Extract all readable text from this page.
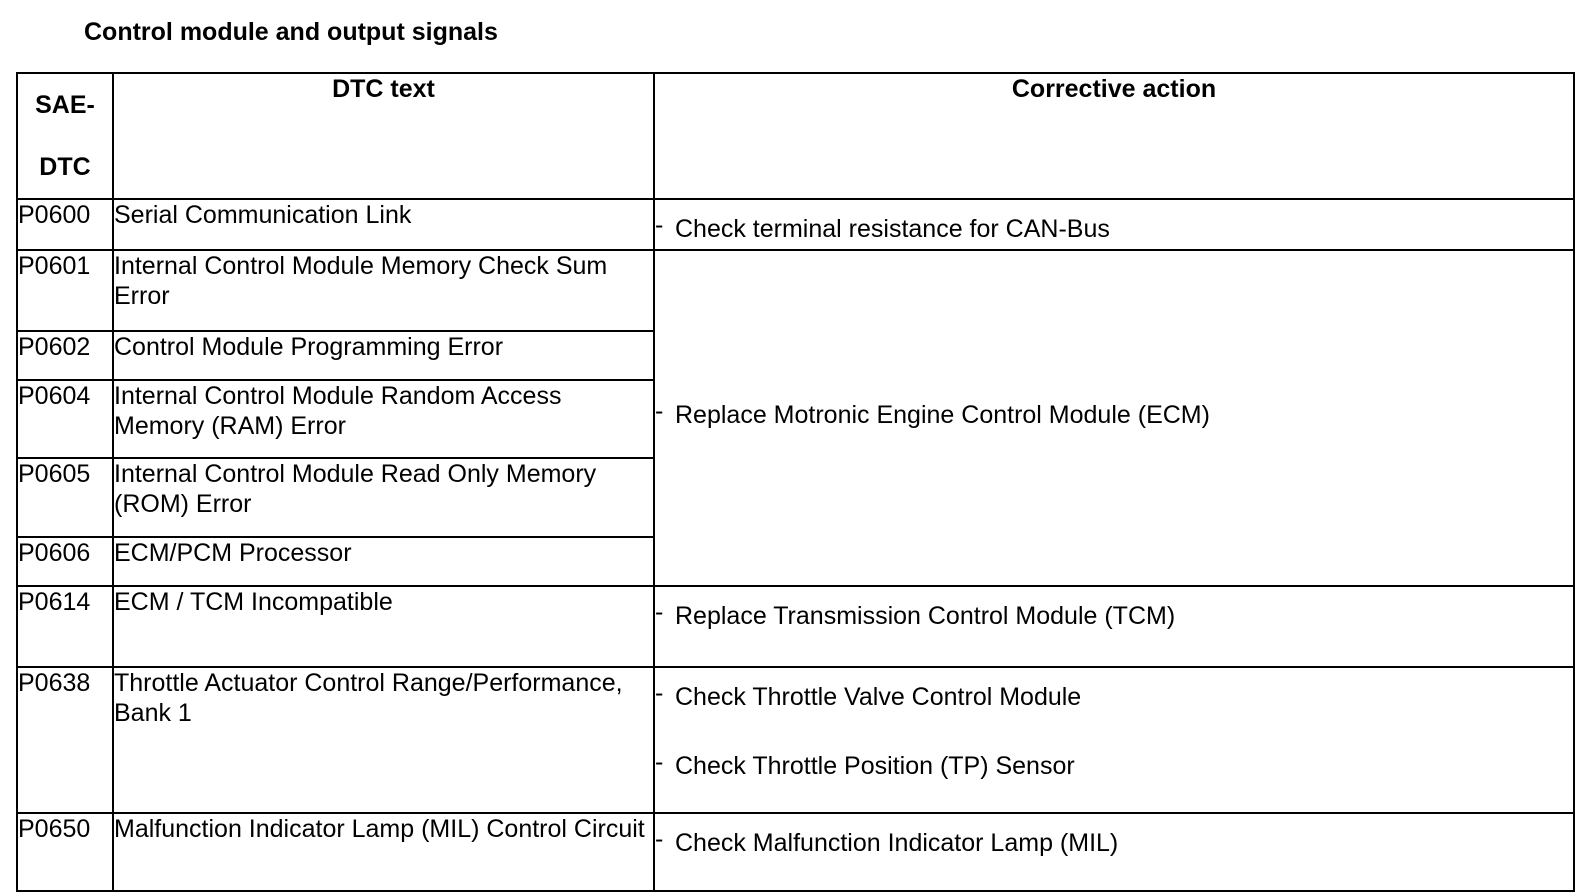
Control module and output signals
SAE-
DTC	DTC text	Corrective action
P0600	Serial Communication Link	- Check terminal resistance for CAN-Bus

P0601	Internal Control Module Memory Check Sum Error	- Replace Motronic Engine Control Module (ECM)

P0602	Control Module Programming Error	
P0604	Internal Control Module Random Access Memory (RAM) Error	
P0605	Internal Control Module Read Only Memory (ROM) Error	
P0606	ECM/PCM Processor	
P0614	ECM / TCM Incompatible	- Replace Transmission Control Module (TCM)

P0638	Throttle Actuator Control Range/Performance, Bank 1	- Check Throttle Valve Control Module
- Check Throttle Position (TP) Sensor

P0650	Malfunction Indicator Lamp (MIL) Control Circuit	- Check Malfunction Indicator Lamp (MIL)
